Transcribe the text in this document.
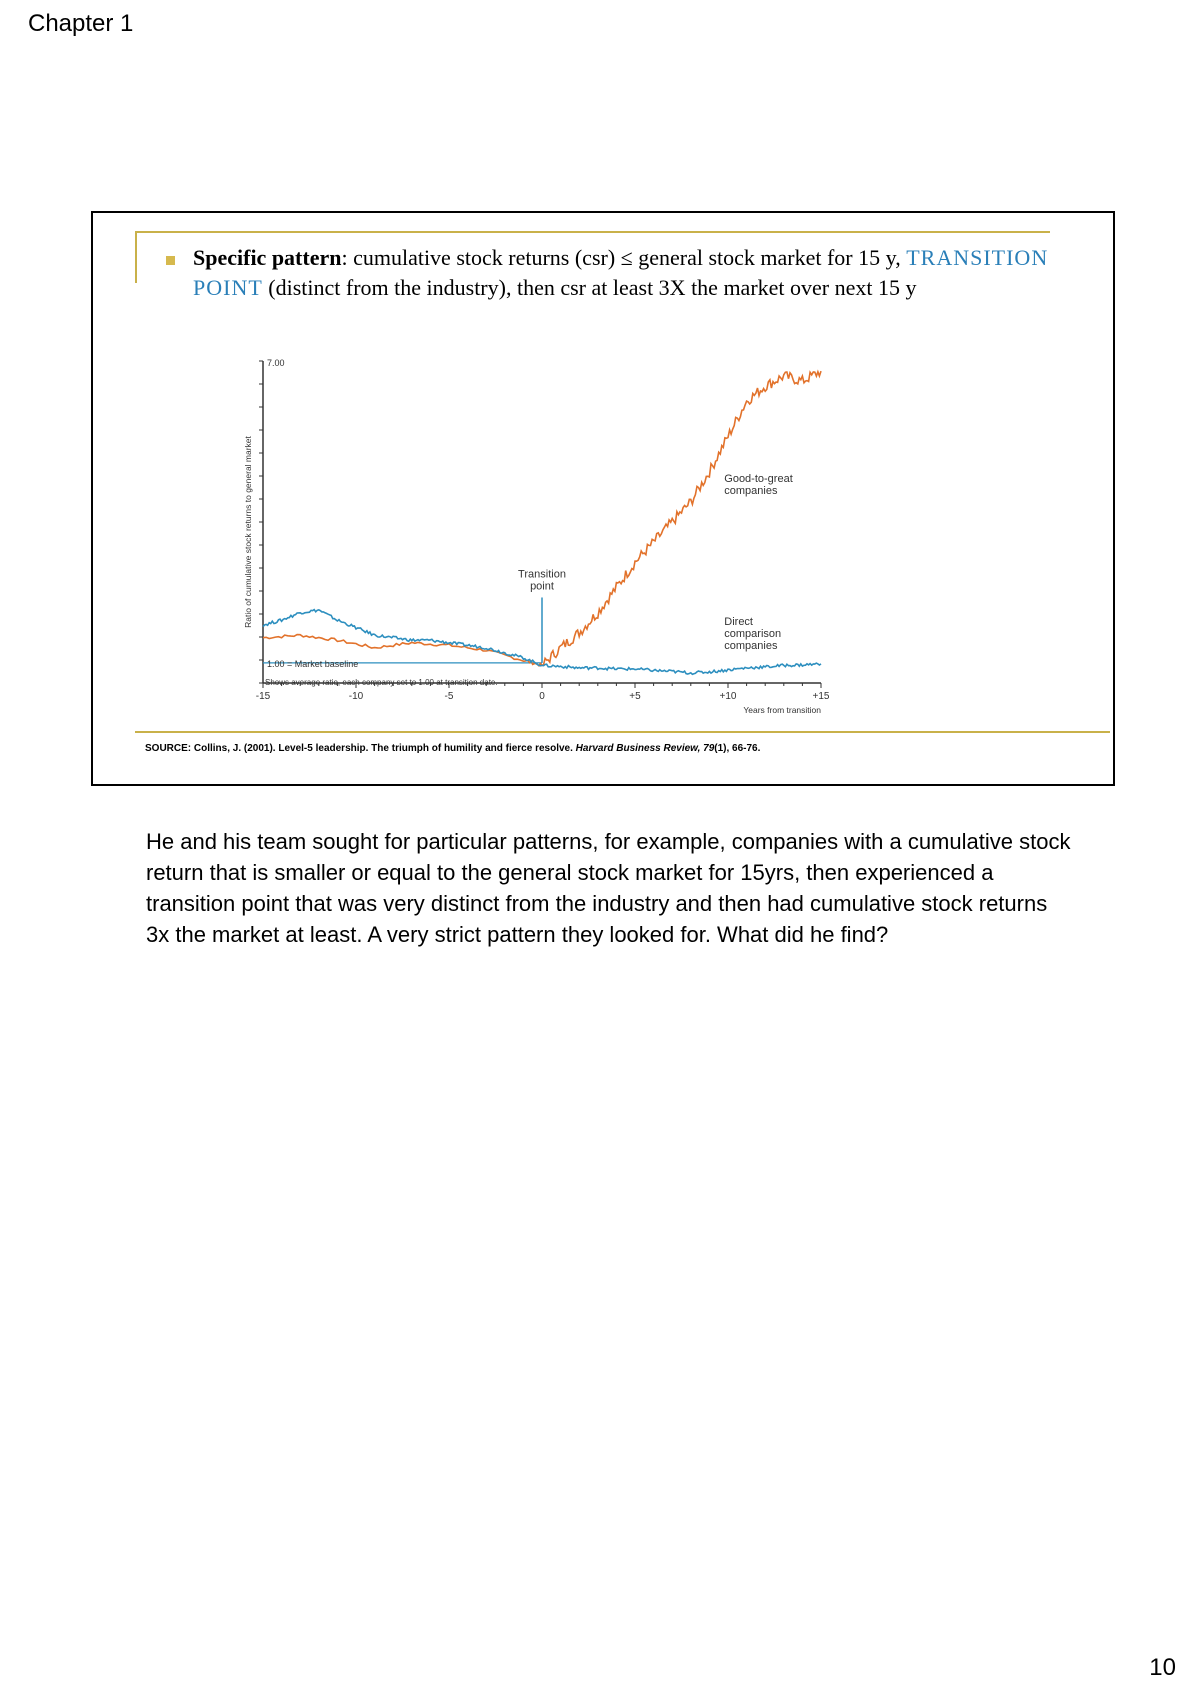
Chapter 1
Specific pattern: cumulative stock returns (csr) ≤ general stock market for 15 y, TRANSITION POINT (distinct from the industry), then csr at least 3X the market over next 15 y
7.00
Ratio of cumulative stock returns to general market
-15	-10	-5	0	+5	+10	+15
Years from transition
1.00 = Market baseline
Shows average ratio, each company set to 1.00 at transition date.
Transition
point
Good-to-great
companies
Direct
comparison
companies	Copyright © 2005 Harvard Business School Publishing Corporation. All rights reserved.
SOURCE: Collins, J. (2001). Level-5 leadership. The triumph of humility and fierce resolve. Harvard Business Review, 79(1), 66-76.
He and his team sought for particular patterns, for example, companies with a cumulative stock return that is smaller or equal to the general stock market for 15yrs, then experienced a transition point that was very distinct from the industry and then had cumulative stock returns 3x the market at least. A very strict pattern they looked for. What did he find?
10
